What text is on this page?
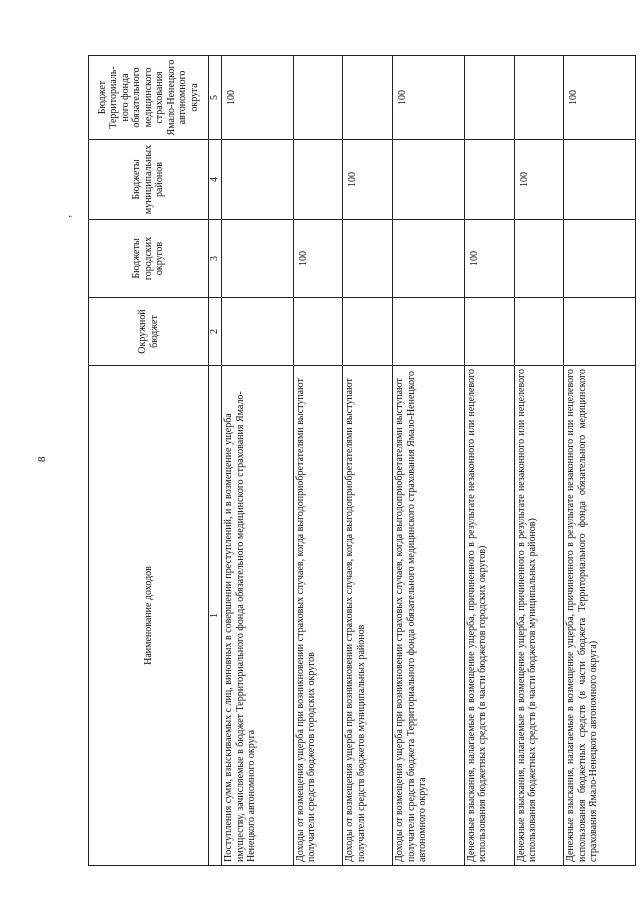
8
’
Наименование доходов	Окружной бюджет	Бюджеты городских округов	Бюджеты муниципальных районов	Бюджет Территориаль-ного фонда обязательного медицинского страхования Ямало-Ненецкого автономного округа
1	2	3	4	5
Поступления сумм, взыскиваемых с лиц, виновных в совершении преступлений, и в возмещение ущерба имуществу, зачисляемые в бюджет Территориального фонда обязательного медицинского страхования Ямало-Ненецкого автономного округа				100
Доходы от возмещения ущерба при возникновении страховых случаев, когда выгодоприобретателями выступают получатели средств бюджетов городских округов		100		
Доходы от возмещения ущерба при возникновении страховых случаев, когда выгодоприобретателями выступают получатели средств бюджетов муниципальных районов			100	
Доходы от возмещения ущерба при возникновении страховых случаев, когда выгодоприобретателями выступают получатели средств бюджета Территориального фонда обязательного медицинского страхования Ямало-Ненецкого автономного округа				100
Денежные взыскания, налагаемые в возмещение ущерба, причиненного в результате незаконного или нецелевого использования бюджетных средств (в части бюджетов городских округов)		100		
Денежные взыскания, налагаемые в возмещение ущерба, причиненного в результате незаконного или нецелевого использования бюджетных средств (в части бюджетов муниципальных районов)			100	
Денежные взыскания, налагаемые в возмещение ущерба, причиненного в результате незаконного или нецелевого использования бюджетных средств (в части бюджета Территориального фонда обязательного медицинского страхования Ямало-Ненецкого автономного округа)				100
